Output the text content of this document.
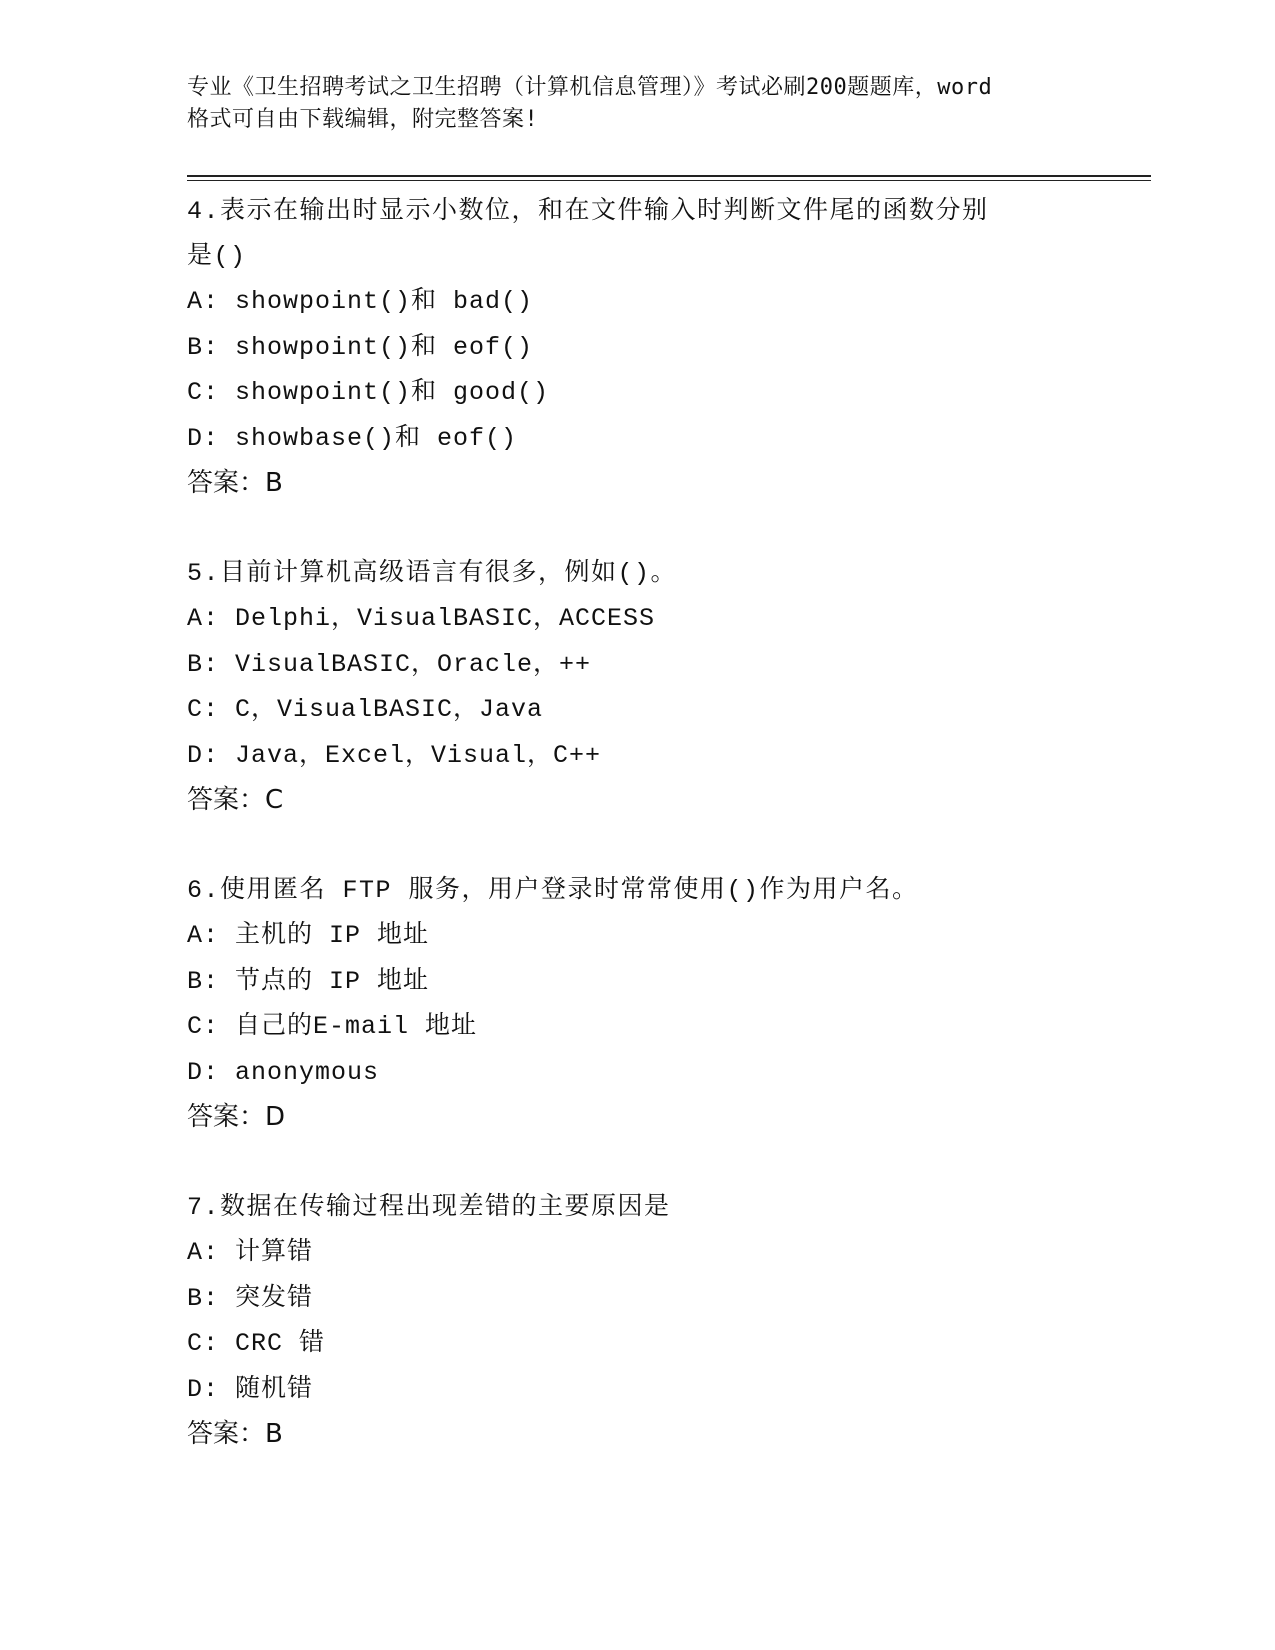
专业《卫生招聘考试之卫生招聘（计算机信息管理）》考试必刷200题题库，word
格式可自由下载编辑，附完整答案!
4.表示在输出时显示小数位，和在文件输入时判断文件尾的函数分别
是()
A: showpoint()和 bad()
B: showpoint()和 eof()
C: showpoint()和 good()
D: showbase()和 eof()
答案：B
5.目前计算机高级语言有很多，例如()。
A: Delphi，VisualBASIC，ACCESS
B: VisualBASIC，Oracle，++
C: C，VisualBASIC，Java
D: Java，Excel，Visual，C++
答案：C
6.使用匿名 FTP 服务，用户登录时常常使用()作为用户名。
A: 主机的 IP 地址
B: 节点的 IP 地址
C: 自己的E-mail 地址
D: anonymous
答案：D
7.数据在传输过程出现差错的主要原因是
A: 计算错
B: 突发错
C: CRC 错
D: 随机错
答案：B
